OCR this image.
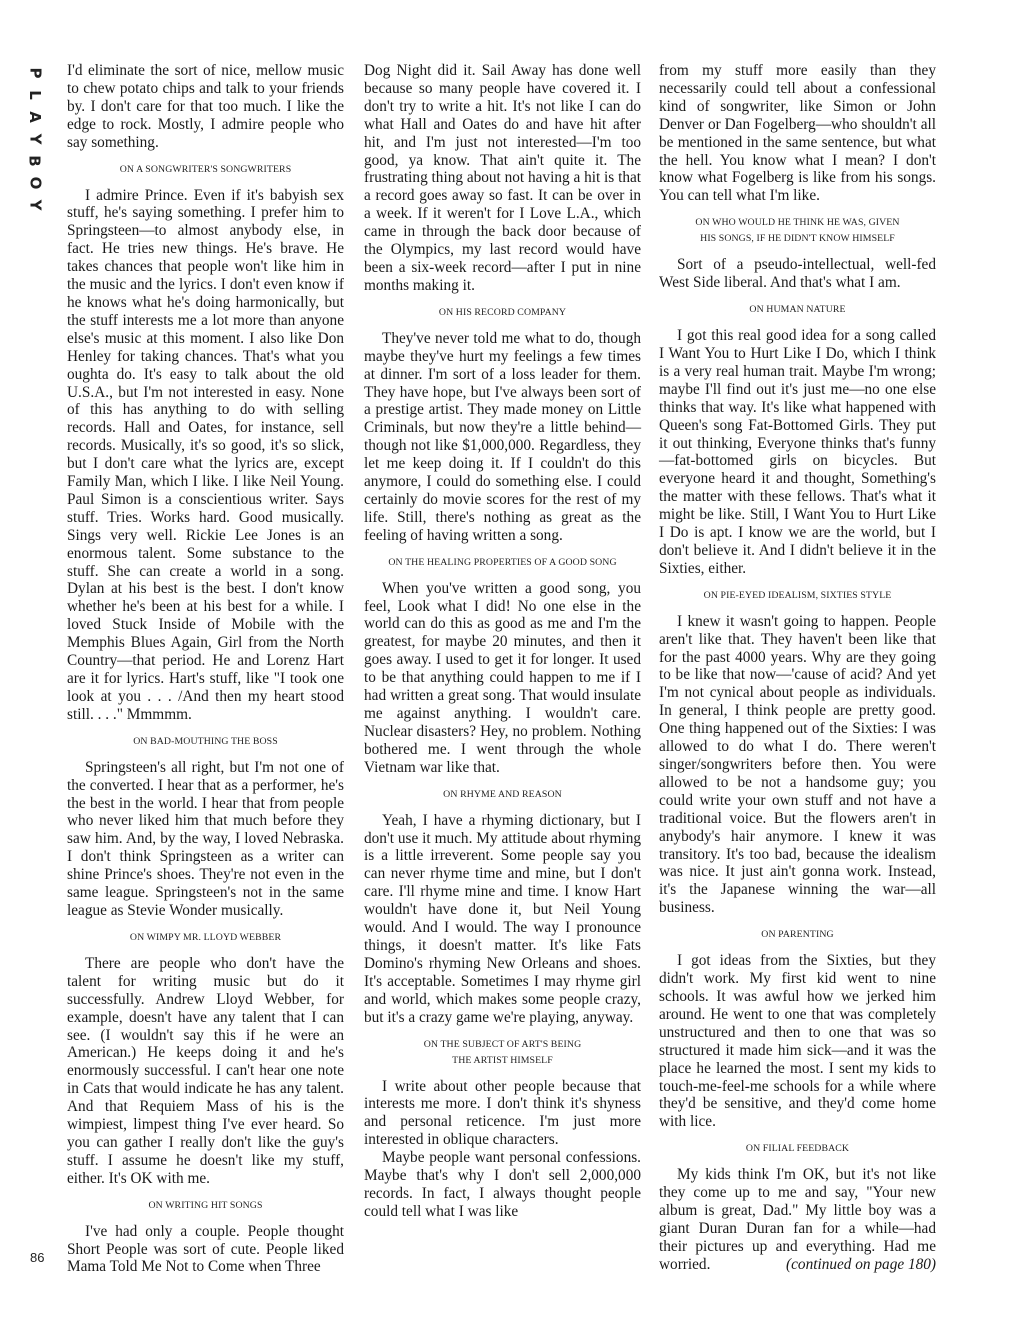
P
L
A
Y
B
O
Y
86

I'd eliminate the sort of nice, mellow music to chew potato chips and talk to your friends by. I don't care for that too much. I like the edge to rock. Mostly, I admire people who say something.

ON A SONGWRITER'S SONGWRITERS

I admire Prince. Even if it's babyish sex stuff, he's saying something. I prefer him to Springsteen—to almost anybody else, in fact. He tries new things. He's brave. He takes chances that people won't like him in the music and the lyrics. I don't even know if he knows what he's doing harmonically, but the stuff interests me a lot more than anyone else's music at this moment. I also like Don Henley for taking chances. That's what you oughta do. It's easy to talk about the old U.S.A., but I'm not interested in easy. None of this has anything to do with selling records. Hall and Oates, for instance, sell records. Musically, it's so good, it's so slick, but I don't care what the lyrics are, except Family Man, which I like. I like Neil Young. Paul Simon is a conscientious writer. Says stuff. Tries. Works hard. Good musically. Sings very well. Rickie Lee Jones is an enormous talent. Some substance to the stuff. She can create a world in a song. Dylan at his best is the best. I don't know whether he's been at his best for a while. I loved Stuck Inside of Mobile with the Memphis Blues Again, Girl from the North Country—that period. He and Lorenz Hart are it for lyrics. Hart's stuff, like "I took one look at you . . . /And then my heart stood still. . . ." Mmmmm.

ON BAD-MOUTHING THE BOSS

Springsteen's all right, but I'm not one of the converted. I hear that as a performer, he's the best in the world. I hear that from people who never liked him that much before they saw him. And, by the way, I loved Nebraska. I don't think Springsteen as a writer can shine Prince's shoes. They're not even in the same league. Springsteen's not in the same league as Stevie Wonder musically.

ON WIMPY MR. LLOYD WEBBER

There are people who don't have the talent for writing music but do it successfully. Andrew Lloyd Webber, for example, doesn't have any talent that I can see. (I wouldn't say this if he were an American.) He keeps doing it and he's enormously successful. I can't hear one note in Cats that would indicate he has any talent. And that Requiem Mass of his is the wimpiest, limpest thing I've ever heard. So you can gather I really don't like the guy's stuff. I assume he doesn't like my stuff, either. It's OK with me.

ON WRITING HIT SONGS

I've had only a couple. People thought Short People was sort of cute. People liked Mama Told Me Not to Come when Three

Dog Night did it. Sail Away has done well because so many people have covered it. I don't try to write a hit. It's not like I can do what Hall and Oates do and have hit after hit, and I'm just not interested—I'm too good, ya know. That ain't quite it. The frustrating thing about not having a hit is that a record goes away so fast. It can be over in a week. If it weren't for I Love L.A., which came in through the back door because of the Olympics, my last record would have been a six-week record—after I put in nine months making it.

ON HIS RECORD COMPANY

They've never told me what to do, though maybe they've hurt my feelings a few times at dinner. I'm sort of a loss leader for them. They have hope, but I've always been sort of a prestige artist. They made money on Little Criminals, but now they're a little behind—though not like $1,000,000. Regardless, they let me keep doing it. If I couldn't do this anymore, I could do something else. I could certainly do movie scores for the rest of my life. Still, there's nothing as great as the feeling of having written a song.

ON THE HEALING PROPERTIES OF A GOOD SONG

When you've written a good song, you feel, Look what I did! No one else in the world can do this as good as me and I'm the greatest, for maybe 20 minutes, and then it goes away. I used to get it for longer. It used to be that anything could happen to me if I had written a great song. That would insulate me against anything. I wouldn't care. Nuclear disasters? Hey, no problem. Nothing bothered me. I went through the whole Vietnam war like that.

ON RHYME AND REASON

Yeah, I have a rhyming dictionary, but I don't use it much. My attitude about rhyming is a little irreverent. Some people say you can never rhyme time and mine, but I don't care. I'll rhyme mine and time. I know Hart wouldn't have done it, but Neil Young would. And I would. The way I pronounce things, it doesn't matter. It's like Fats Domino's rhyming New Orleans and shoes. It's acceptable. Sometimes I may rhyme girl and world, which makes some people crazy, but it's a crazy game we're playing, anyway.

ON THE SUBJECT OF ART'S BEING
THE ARTIST HIMSELF

I write about other people because that interests me more. I don't think it's shyness and personal reticence. I'm just more interested in oblique characters.

Maybe people want personal confessions. Maybe that's why I don't sell 2,000,000 records. In fact, I always thought people could tell what I was like

from my stuff more easily than they necessarily could tell about a confessional kind of songwriter, like Simon or John Denver or Dan Fogelberg—who shouldn't all be mentioned in the same sentence, but what the hell. You know what I mean? I don't know what Fogelberg is like from his songs. You can tell what I'm like.

ON WHO WOULD HE THINK HE WAS, GIVEN
HIS SONGS, IF HE DIDN'T KNOW HIMSELF

Sort of a pseudo-intellectual, well-fed West Side liberal. And that's what I am.

ON HUMAN NATURE

I got this real good idea for a song called I Want You to Hurt Like I Do, which I think is a very real human trait. Maybe I'm wrong; maybe I'll find out it's just me—no one else thinks that way. It's like what happened with Queen's song Fat-Bottomed Girls. They put it out thinking, Everyone thinks that's funny—fat-bottomed girls on bicycles. But everyone heard it and thought, Something's the matter with these fellows. That's what it might be like. Still, I Want You to Hurt Like I Do is apt. I know we are the world, but I don't believe it. And I didn't believe it in the Sixties, either.

ON PIE-EYED IDEALISM, SIXTIES STYLE

I knew it wasn't going to happen. People aren't like that. They haven't been like that for the past 4000 years. Why are they going to be like that now—'cause of acid? And yet I'm not cynical about people as individuals. In general, I think people are pretty good. One thing happened out of the Sixties: I was allowed to do what I do. There weren't singer/songwriters before then. You were allowed to be not a handsome guy; you could write your own stuff and not have a traditional voice. But the flowers aren't in anybody's hair anymore. I knew it was transitory. It's too bad, because the idealism was nice. It just ain't gonna work. Instead, it's the Japanese winning the war—all business.

ON PARENTING

I got ideas from the Sixties, but they didn't work. My first kid went to nine schools. It was awful how we jerked him around. He went to one that was completely unstructured and then to one that was so structured it made him sick—and it was the place he learned the most. I sent my kids to touch-me-feel-me schools for a while where they'd be sensitive, and they'd come home with lice.

ON FILIAL FEEDBACK

My kids think I'm OK, but it's not like they come up to me and say, "Your new album is great, Dad." My little boy was a giant Duran Duran fan for a while—had their pictures up and everything. Had me worried.	(continued on page 180)
